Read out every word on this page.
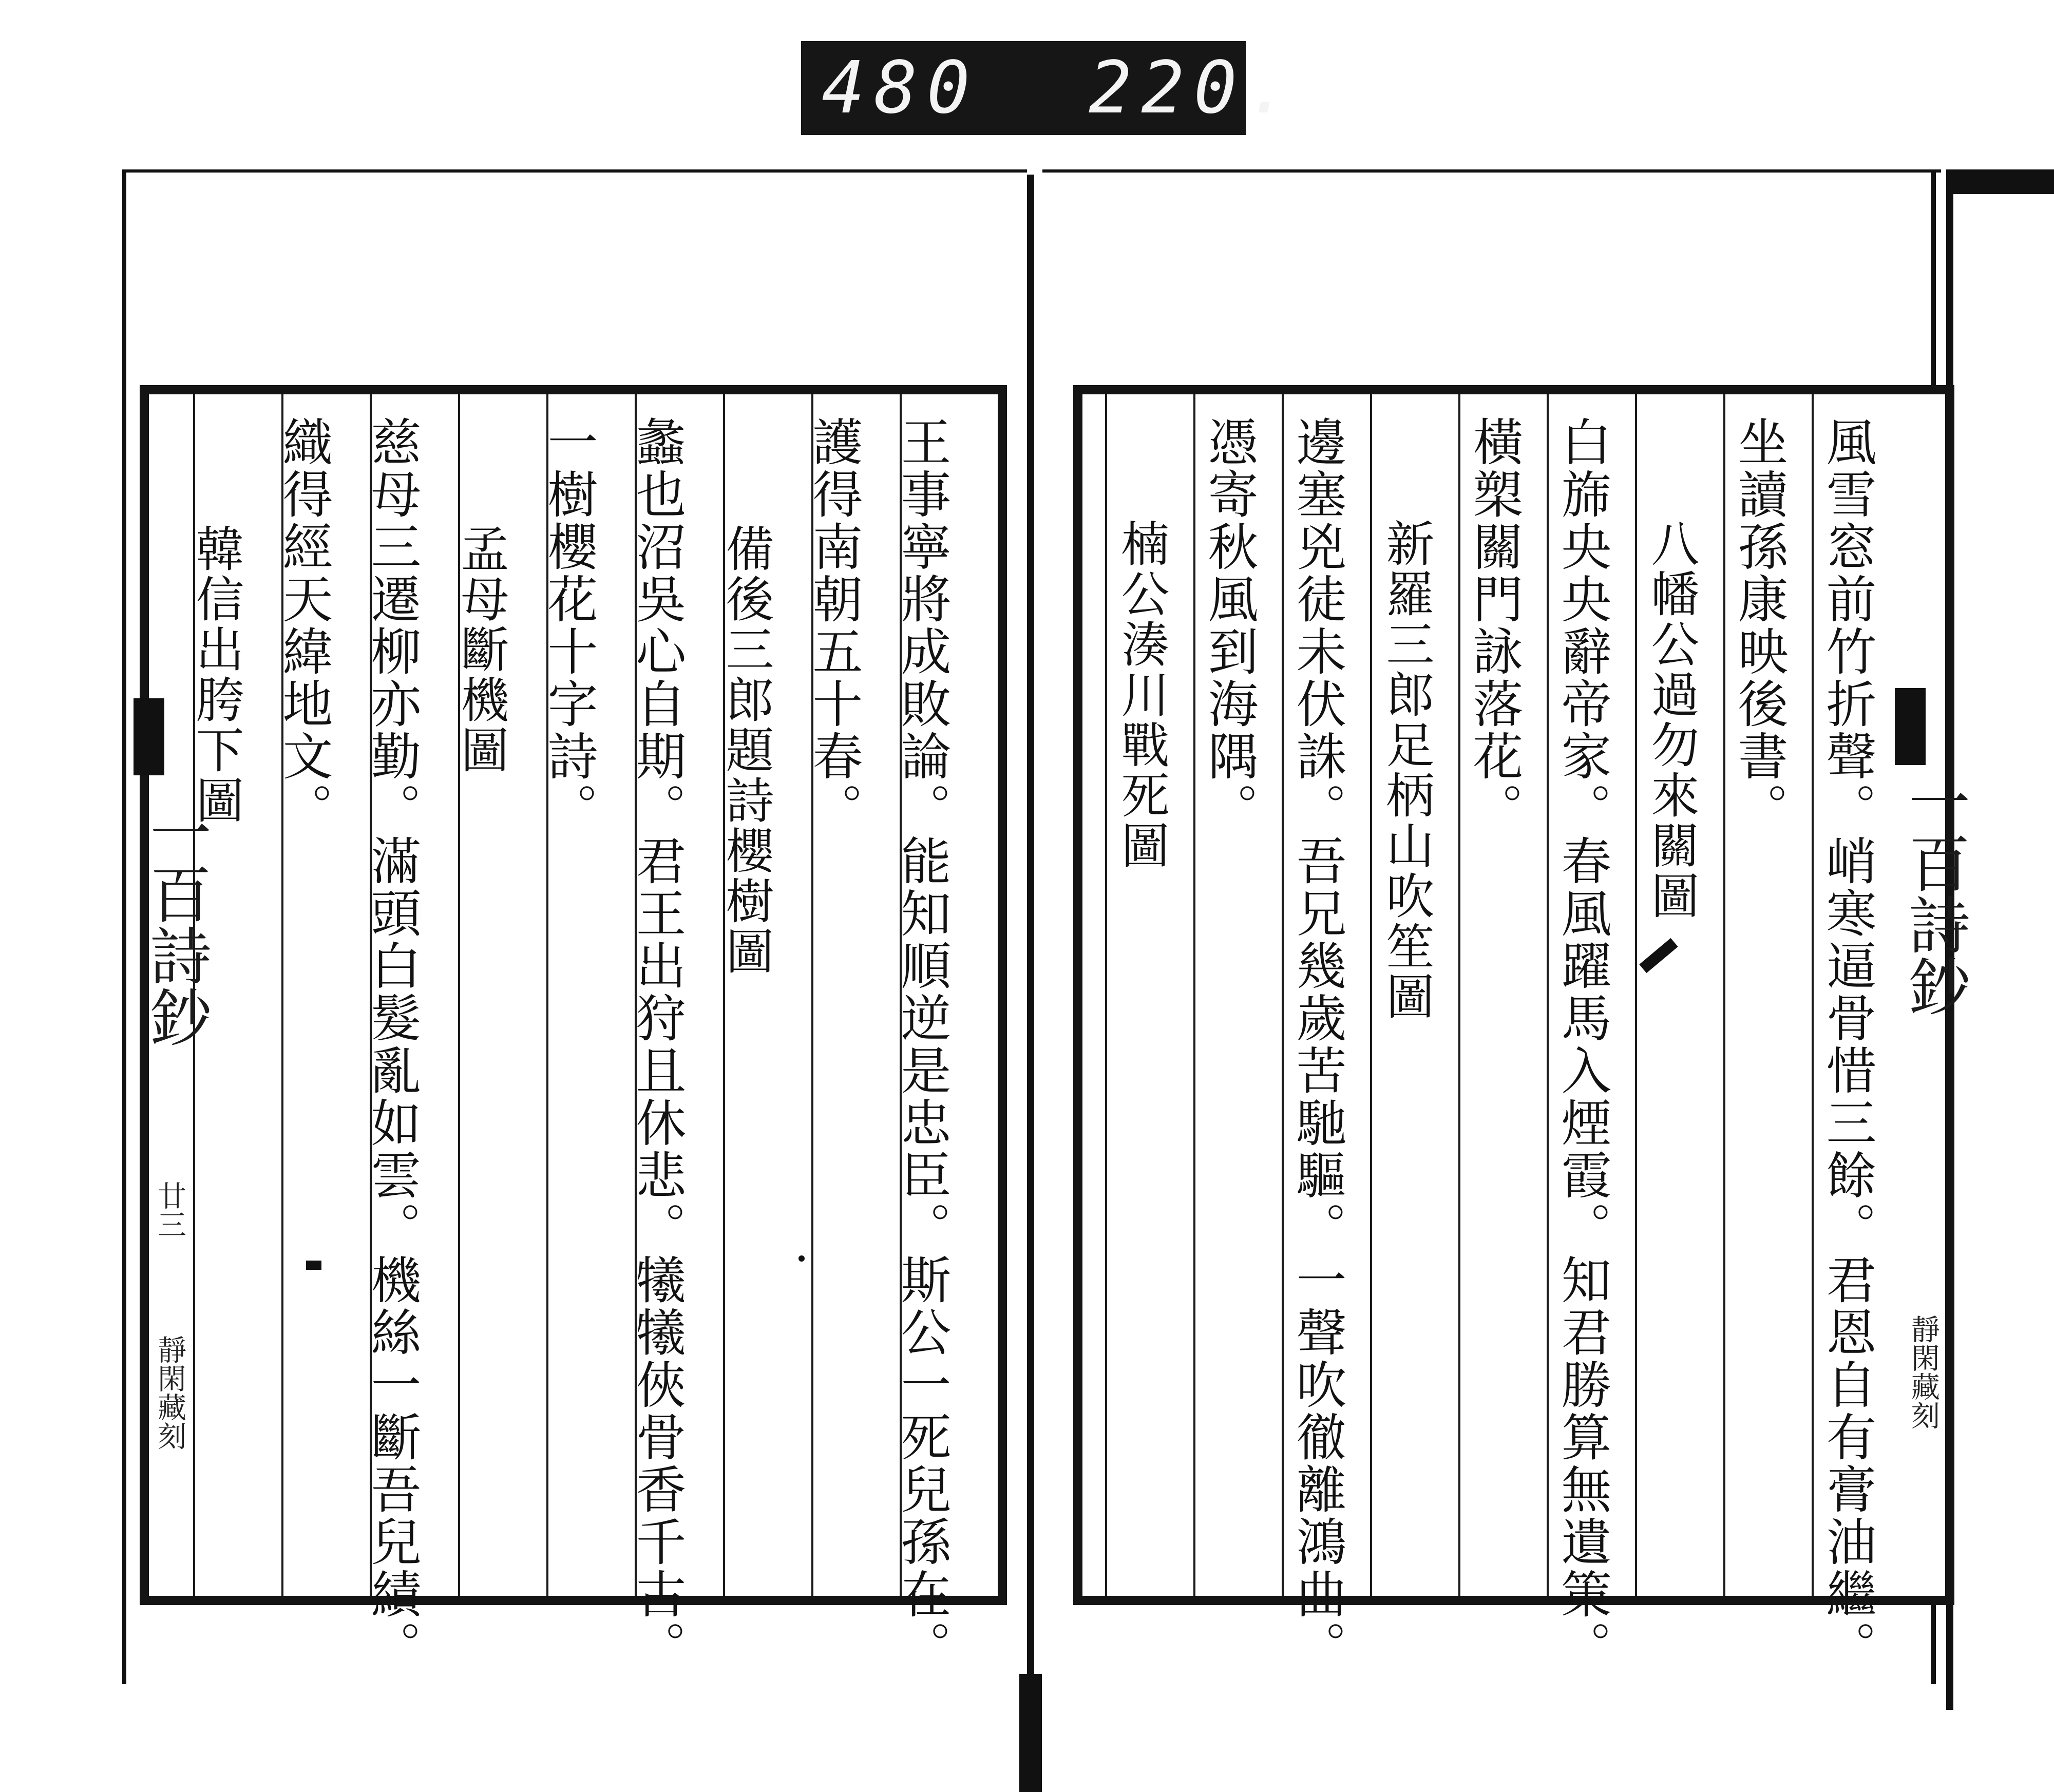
480 220.
王事寧將成敗論。能知順逆是忠臣。斯公一死兒孫在。
護得南朝五十春。
備後三郎題詩櫻樹圖
蠡也沼吳心自期。君王出狩且休悲。犧犧俠骨香千古。
一樹櫻花十字詩。
孟母斷機圖
慈母三遷柳亦勤。滿頭白髮亂如雲。機絲一斷吾兒績。
織得經天緯地文。
韓信出胯下圖
一百詩鈔
廿三
靜閑藏刻	風雪窓前竹折聲。峭寒逼骨惜三餘。君恩自有膏油繼。
坐讀孫康映後書。
八幡公過勿來關圖
白旆央央辭帝家。春風躍馬入煙霞。知君勝算無遺策。
橫槊關門詠落花。
新羅三郎足柄山吹笙圖
邊塞兇徒未伏誅。吾兄幾歲苦馳驅。一聲吹徹離鴻曲。
憑寄秋風到海隅。
楠公湊川戰死圖
一百詩鈔
靜閑藏刻
